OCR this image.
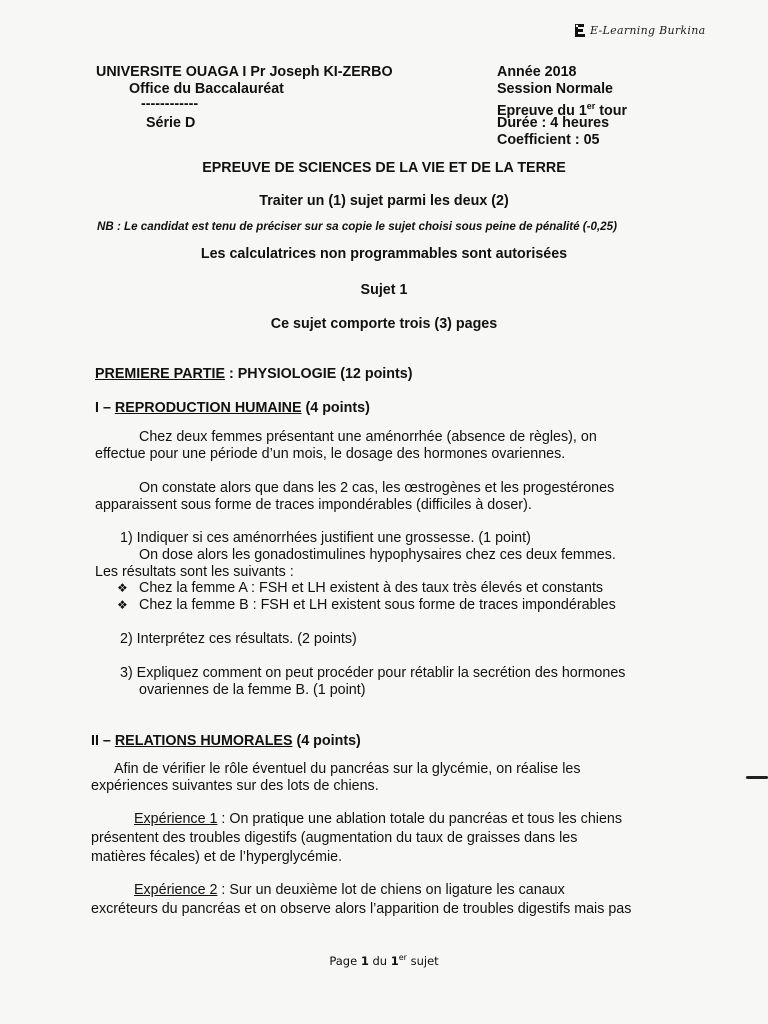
E-Learning Burkina
UNIVERSITE OUAGA I Pr Joseph KI-ZERBO
Office du Baccalauréat
------------
Série D
Année 2018
Session Normale
Epreuve du 1er tour
Durée : 4 heures
Coefficient : 05
EPREUVE DE SCIENCES DE LA VIE ET DE LA TERRE
Traiter un (1) sujet parmi les deux (2)
NB : Le candidat est tenu de préciser sur sa copie le sujet choisi sous peine de pénalité (-0,25)
Les calculatrices non programmables sont autorisées
Sujet 1
Ce sujet comporte trois (3) pages
PREMIERE PARTIE : PHYSIOLOGIE (12 points)
I – REPRODUCTION HUMAINE (4 points)
Chez deux femmes présentant une aménorrhée (absence de règles), on
effectue pour une période d’un mois, le dosage des hormones ovariennes.
On constate alors que dans les 2 cas, les œstrogènes et les progestérones
apparaissent sous forme de traces impondérables (difficiles à doser).
1) Indiquer si ces aménorrhées justifient une grossesse. (1 point)
On dose alors les gonadostimulines hypophysaires chez ces deux femmes.
Les résultats sont les suivants :
❖ Chez la femme A : FSH et LH existent à des taux très élevés et constants
❖ Chez la femme B : FSH et LH existent sous forme de traces impondérables
2) Interprétez ces résultats. (2 points)
3) Expliquez comment on peut procéder pour rétablir la secrétion des hormones
ovariennes de la femme B. (1 point)
II – RELATIONS HUMORALES (4 points)
Afin de vérifier le rôle éventuel du pancréas sur la glycémie, on réalise les
expériences suivantes sur des lots de chiens.
Expérience 1 : On pratique une ablation totale du pancréas et tous les chiens
présentent des troubles digestifs (augmentation du taux de graisses dans les
matières fécales) et de l’hyperglycémie.
Expérience 2 : Sur un deuxième lot de chiens on ligature les canaux
excréteurs du pancréas et on observe alors l’apparition de troubles digestifs mais pas
Page 1 du 1er sujet
